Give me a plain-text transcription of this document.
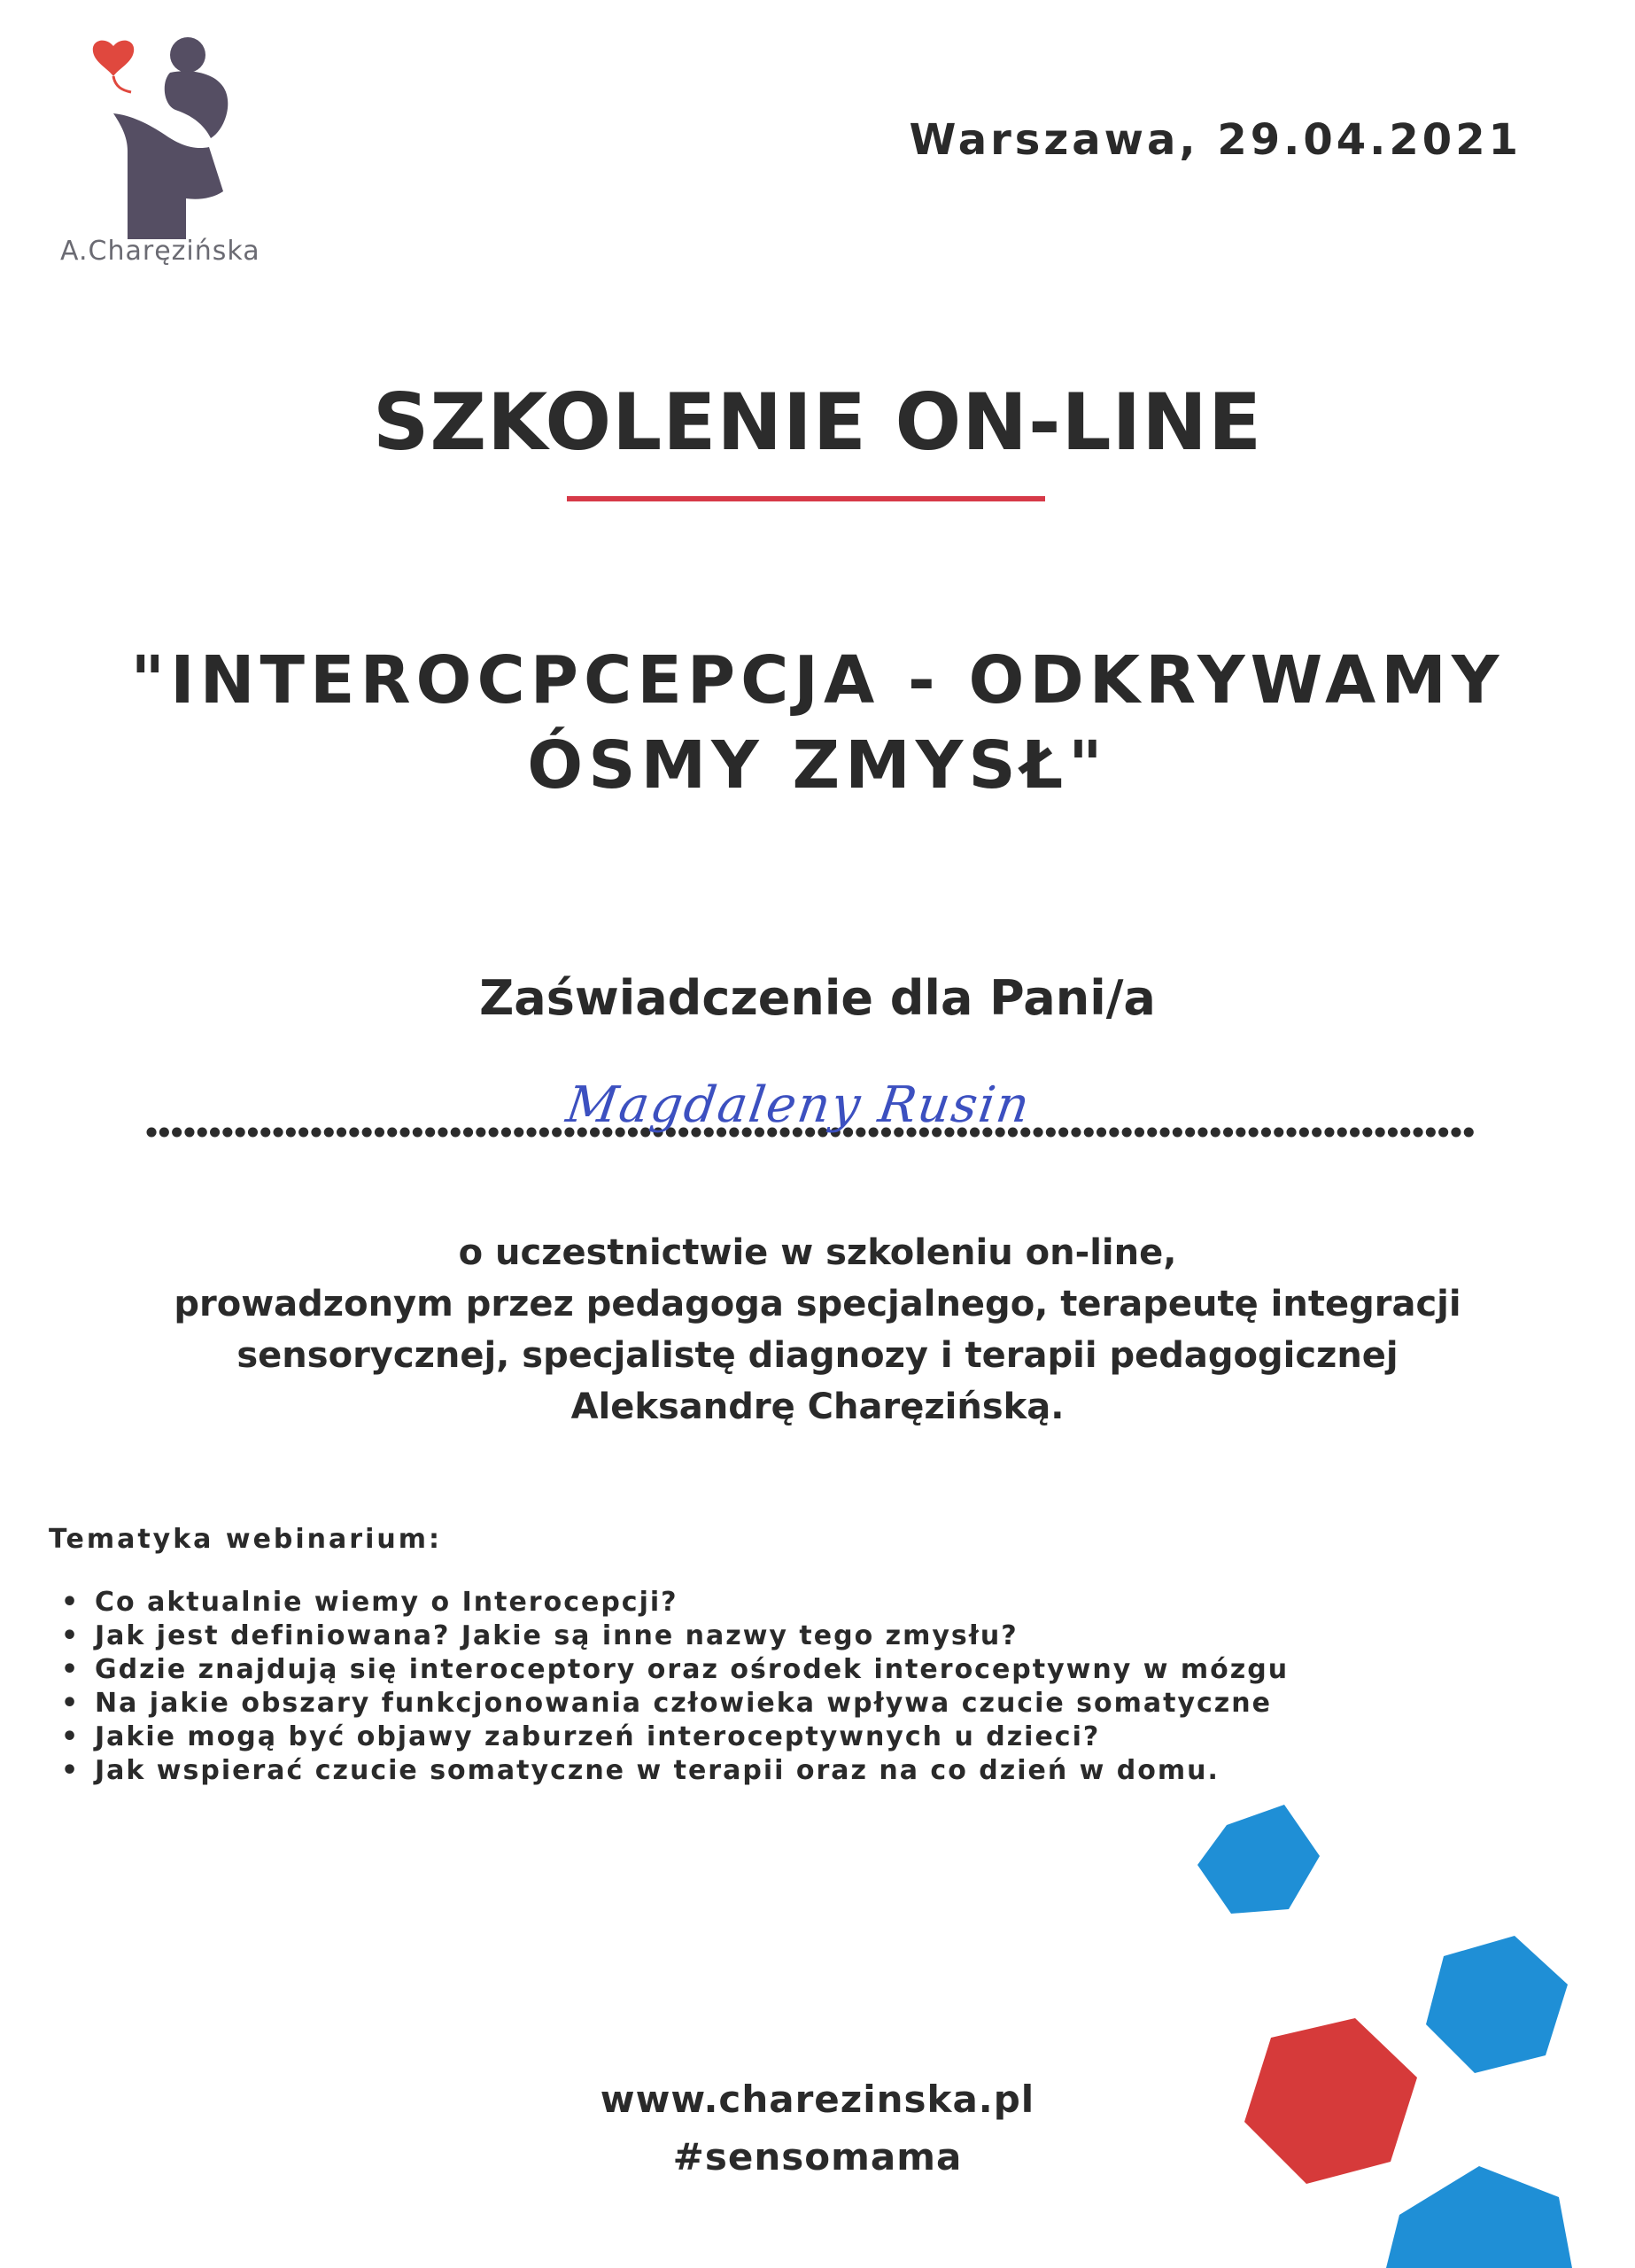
A.Charęzińska
Warszawa, 29.04.2021
SZKOLENIE ON-LINE
"INTEROCPCEPCJA - ODKRYWAMY
ÓSMY ZMYSŁ"
Zaświadczenie dla Pani/a
Magdaleny Rusin
o uczestnictwie w szkoleniu on-line,
prowadzonym przez pedagoga specjalnego, terapeutę integracji
sensorycznej, specjalistę diagnozy i terapii pedagogicznej
Aleksandrę Charęzińską.
Tematyka webinarium:
• Co aktualnie wiemy o Interocepcji?
• Jak jest definiowana? Jakie są inne nazwy tego zmysłu?
• Gdzie znajdują się interoceptory oraz ośrodek interoceptywny w mózgu
• Na jakie obszary funkcjonowania człowieka wpływa czucie somatyczne
• Jakie mogą być objawy zaburzeń interoceptywnych u dzieci?
• Jak wspierać czucie somatyczne w terapii oraz na co dzień w domu.
www.charezinska.pl
#sensomama
